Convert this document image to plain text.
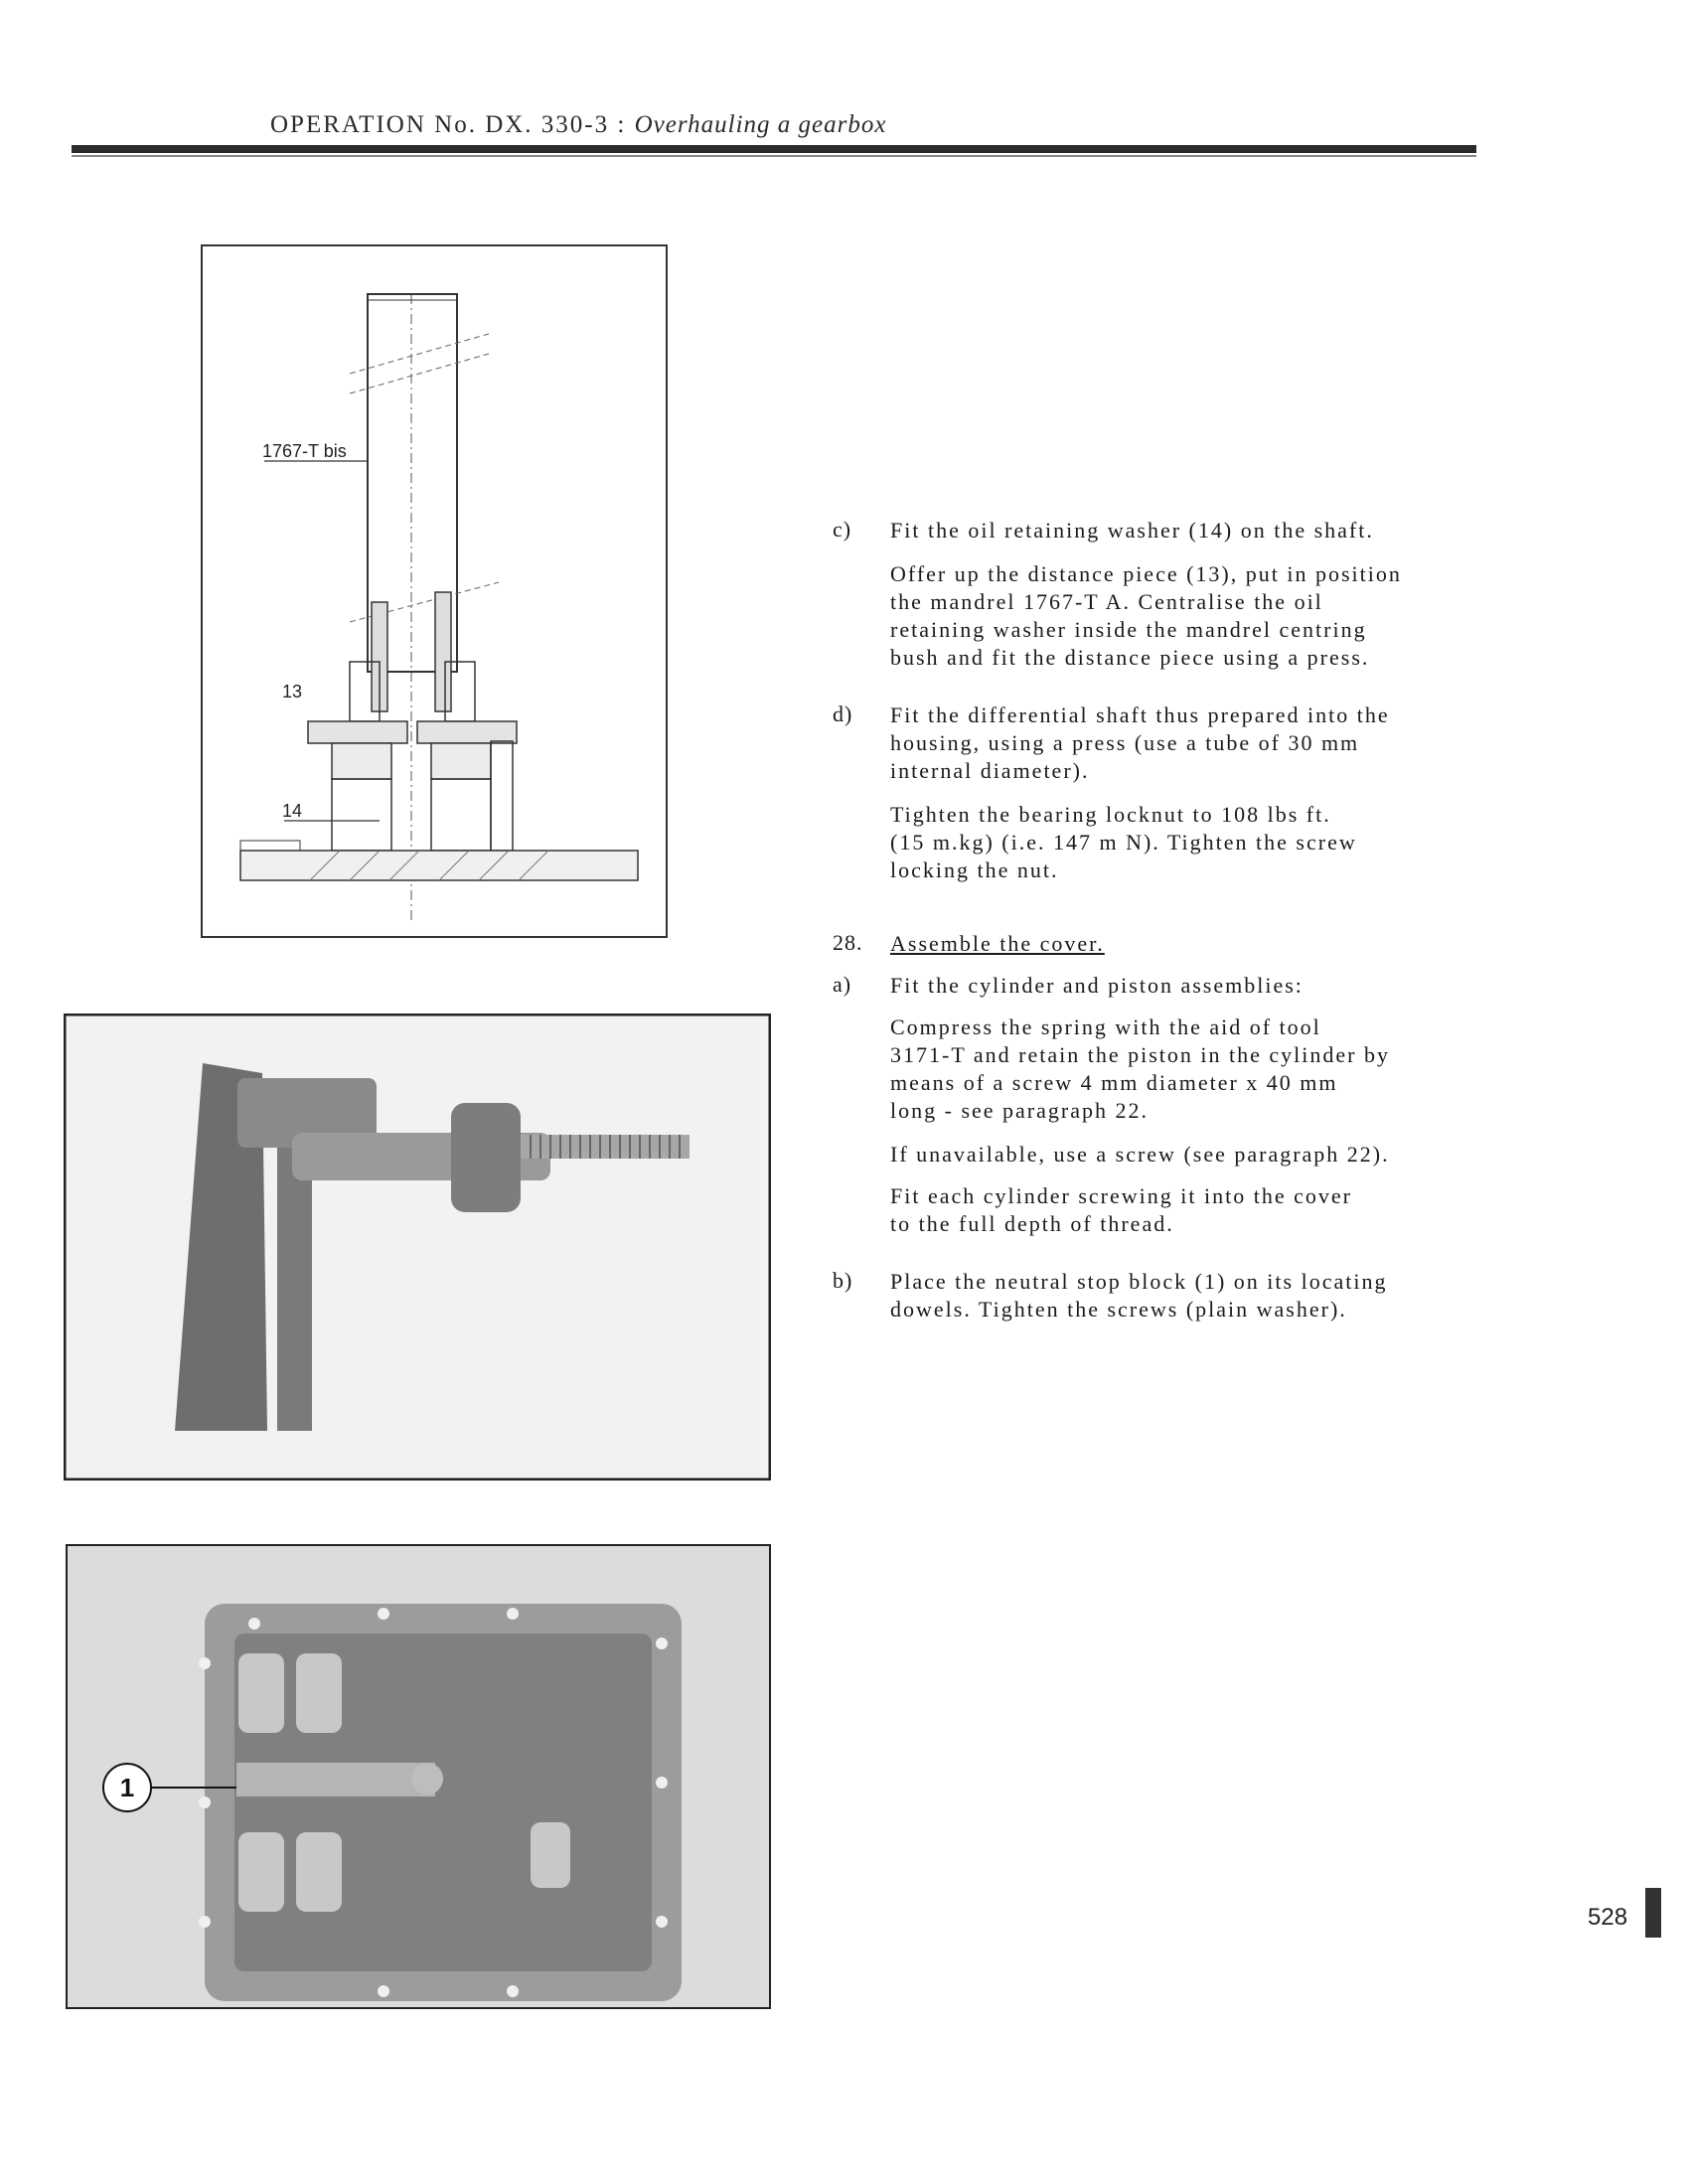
OPERATION No. DX. 330-3 : Overhauling a gearbox
1767-T bis
13
14
1
c)	Fit the oil retaining washer (14) on the shaft.
Offer up the distance piece (13), put in position
the mandrel 1767-T A. Centralise the oil
retaining washer inside the mandrel centring
bush and fit the distance piece using a press.
d)	Fit the differential shaft thus prepared into the
housing, using a press (use a tube of 30 mm
internal diameter).
Tighten the bearing locknut to 108 lbs ft.
(15 m.kg) (i.e. 147 m N). Tighten the screw
locking the nut.
28.	Assemble the cover.
a)	Fit the cylinder and piston assemblies:
Compress the spring with the aid of tool
3171-T and retain the piston in the cylinder by
means of a screw 4 mm diameter x 40 mm
long - see paragraph 22.
If unavailable, use a screw (see paragraph 22).
Fit each cylinder screwing it into the cover
to the full depth of thread.
b)	Place the neutral stop block (1) on its locating
dowels. Tighten the screws (plain washer).
528
